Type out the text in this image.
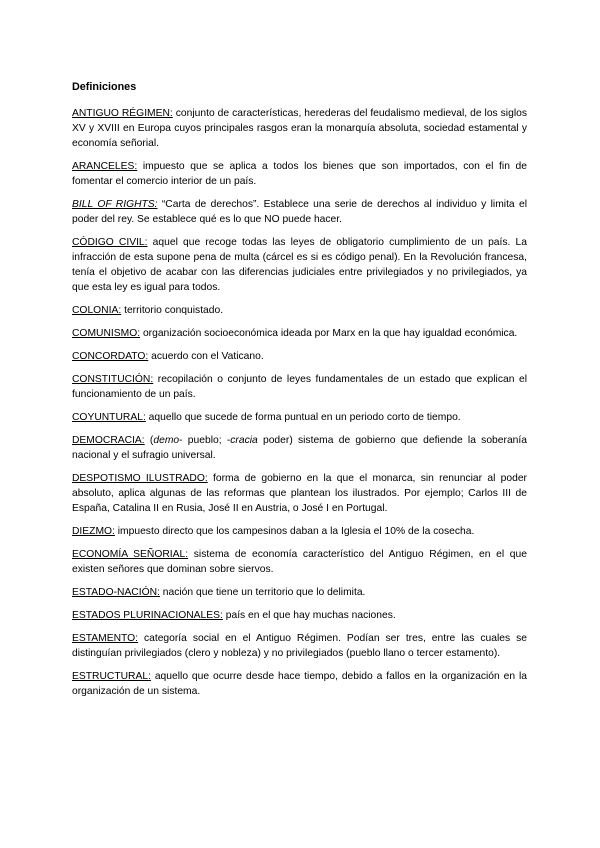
Definiciones

ANTIGUO RÉGIMEN: conjunto de características, herederas del feudalismo medieval, de los siglos XV y XVIII en Europa cuyos principales rasgos eran la monarquía absoluta, sociedad estamental y economía señorial.

ARANCELES: impuesto que se aplica a todos los bienes que son importados, con el fin de fomentar el comercio interior de un país.

BILL OF RIGHTS: “Carta de derechos”. Establece una serie de derechos al individuo y limita el poder del rey. Se establece qué es lo que NO puede hacer.

CÓDIGO CIVIL: aquel que recoge todas las leyes de obligatorio cumplimiento de un país. La infracción de esta supone pena de multa (cárcel es si es código penal). En la Revolución francesa, tenía el objetivo de acabar con las diferencias judiciales entre privilegiados y no privilegiados, ya que esta ley es igual para todos.

COLONIA: territorio conquistado.

COMUNISMO: organización socioeconómica ideada por Marx en la que hay igualdad económica.

CONCORDATO: acuerdo con el Vaticano.

CONSTITUCIÓN: recopilación o conjunto de leyes fundamentales de un estado que explican el funcionamiento de un país.

COYUNTURAL: aquello que sucede de forma puntual en un periodo corto de tiempo.

DEMOCRACIA: (demo- pueblo; -cracia poder) sistema de gobierno que defiende la soberanía nacional y el sufragio universal.

DESPOTISMO ILUSTRADO: forma de gobierno en la que el monarca, sin renunciar al poder absoluto, aplica algunas de las reformas que plantean los ilustrados. Por ejemplo; Carlos III de España, Catalina II en Rusia, José II en Austria, o José I en Portugal.

DIEZMO: impuesto directo que los campesinos daban a la Iglesia el 10% de la cosecha.

ECONOMÍA SEÑORIAL: sistema de economía característico del Antiguo Régimen, en el que existen señores que dominan sobre siervos.

ESTADO-NACIÓN: nación que tiene un territorio que lo delimita.

ESTADOS PLURINACIONALES: país en el que hay muchas naciones.

ESTAMENTO: categoría social en el Antiguo Régimen. Podían ser tres, entre las cuales se distinguían privilegiados (clero y nobleza) y no privilegiados (pueblo llano o tercer estamento).

ESTRUCTURAL: aquello que ocurre desde hace tiempo, debido a fallos en la organización en la organización de un sistema.
